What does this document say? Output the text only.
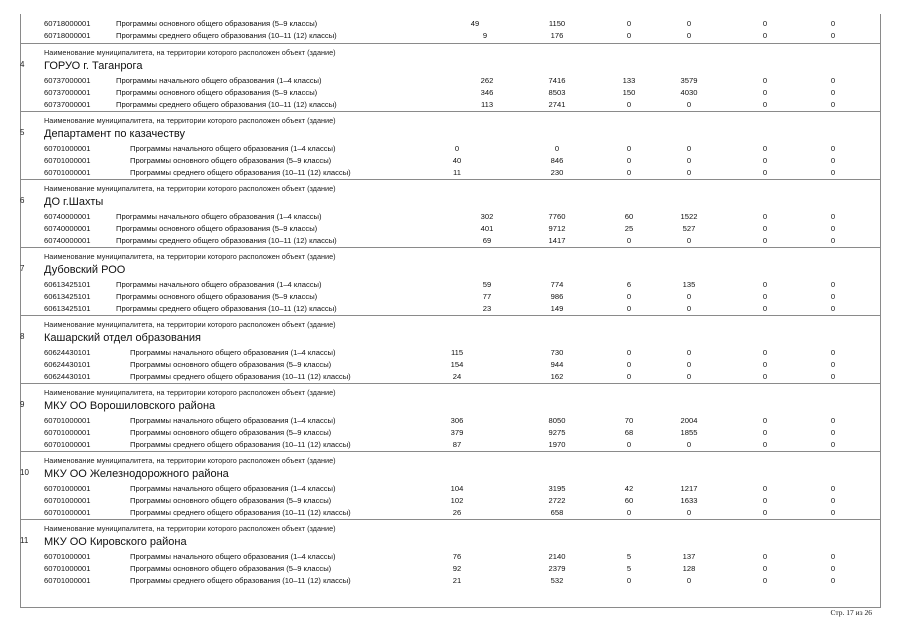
60718000001	Программы основного общего образования (5–9 классы)	49	1150	0	0	0	0
60718000001	Программы среднего общего образования (10–11 (12) классы)	9	176	0	0	0	0
Наименование муниципалитета, на территории которого расположен объект (здание)
4 ГОРУО г. Таганрога
60737000001	Программы начального общего образования (1–4 классы)	262	7416	133	3579	0	0
60737000001	Программы основного общего образования (5–9 классы)	346	8503	150	4030	0	0
60737000001	Программы среднего общего образования (10–11 (12) классы)	113	2741	0	0	0	0
Наименование муниципалитета, на территории которого расположен объект (здание)
5 Департамент по казачеству
60701000001	Программы начального общего образования (1–4 классы)	0	0	0	0	0	0
60701000001	Программы основного общего образования (5–9 классы)	40	846	0	0	0	0
60701000001	Программы среднего общего образования (10–11 (12) классы)	11	230	0	0	0	0
Наименование муниципалитета, на территории которого расположен объект (здание)
6 ДО г.Шахты
60740000001	Программы начального общего образования (1–4 классы)	302	7760	60	1522	0	0
60740000001	Программы основного общего образования (5–9 классы)	401	9712	25	527	0	0
60740000001	Программы среднего общего образования (10–11 (12) классы)	69	1417	0	0	0	0
Наименование муниципалитета, на территории которого расположен объект (здание)
7 Дубовский РОО
60613425101	Программы начального общего образования (1–4 классы)	59	774	6	135	0	0
60613425101	Программы основного общего образования (5–9 классы)	77	986	0	0	0	0
60613425101	Программы среднего общего образования (10–11 (12) классы)	23	149	0	0	0	0
Наименование муниципалитета, на территории которого расположен объект (здание)
8 Кашарский отдел образования
60624430101	Программы начального общего образования (1–4 классы)	115	730	0	0	0	0
60624430101	Программы основного общего образования (5–9 классы)	154	944	0	0	0	0
60624430101	Программы среднего общего образования (10–11 (12) классы)	24	162	0	0	0	0
Наименование муниципалитета, на территории которого расположен объект (здание)
9 МКУ ОО Ворошиловского района
60701000001	Программы начального общего образования (1–4 классы)	306	8050	70	2004	0	0
60701000001	Программы основного общего образования (5–9 классы)	379	9275	68	1855	0	0
60701000001	Программы среднего общего образования (10–11 (12) классы)	87	1970	0	0	0	0
Наименование муниципалитета, на территории которого расположен объект (здание)
10 МКУ ОО Железнодорожного района
60701000001	Программы начального общего образования (1–4 классы)	104	3195	42	1217	0	0
60701000001	Программы основного общего образования (5–9 классы)	102	2722	60	1633	0	0
60701000001	Программы среднего общего образования (10–11 (12) классы)	26	658	0	0	0	0
Наименование муниципалитета, на территории которого расположен объект (здание)
11 МКУ ОО Кировского района
60701000001	Программы начального общего образования (1–4 классы)	76	2140	5	137	0	0
60701000001	Программы основного общего образования (5–9 классы)	92	2379	5	128	0	0
60701000001	Программы среднего общего образования (10–11 (12) классы)	21	532	0	0	0	0
Стр. 17 из 26
